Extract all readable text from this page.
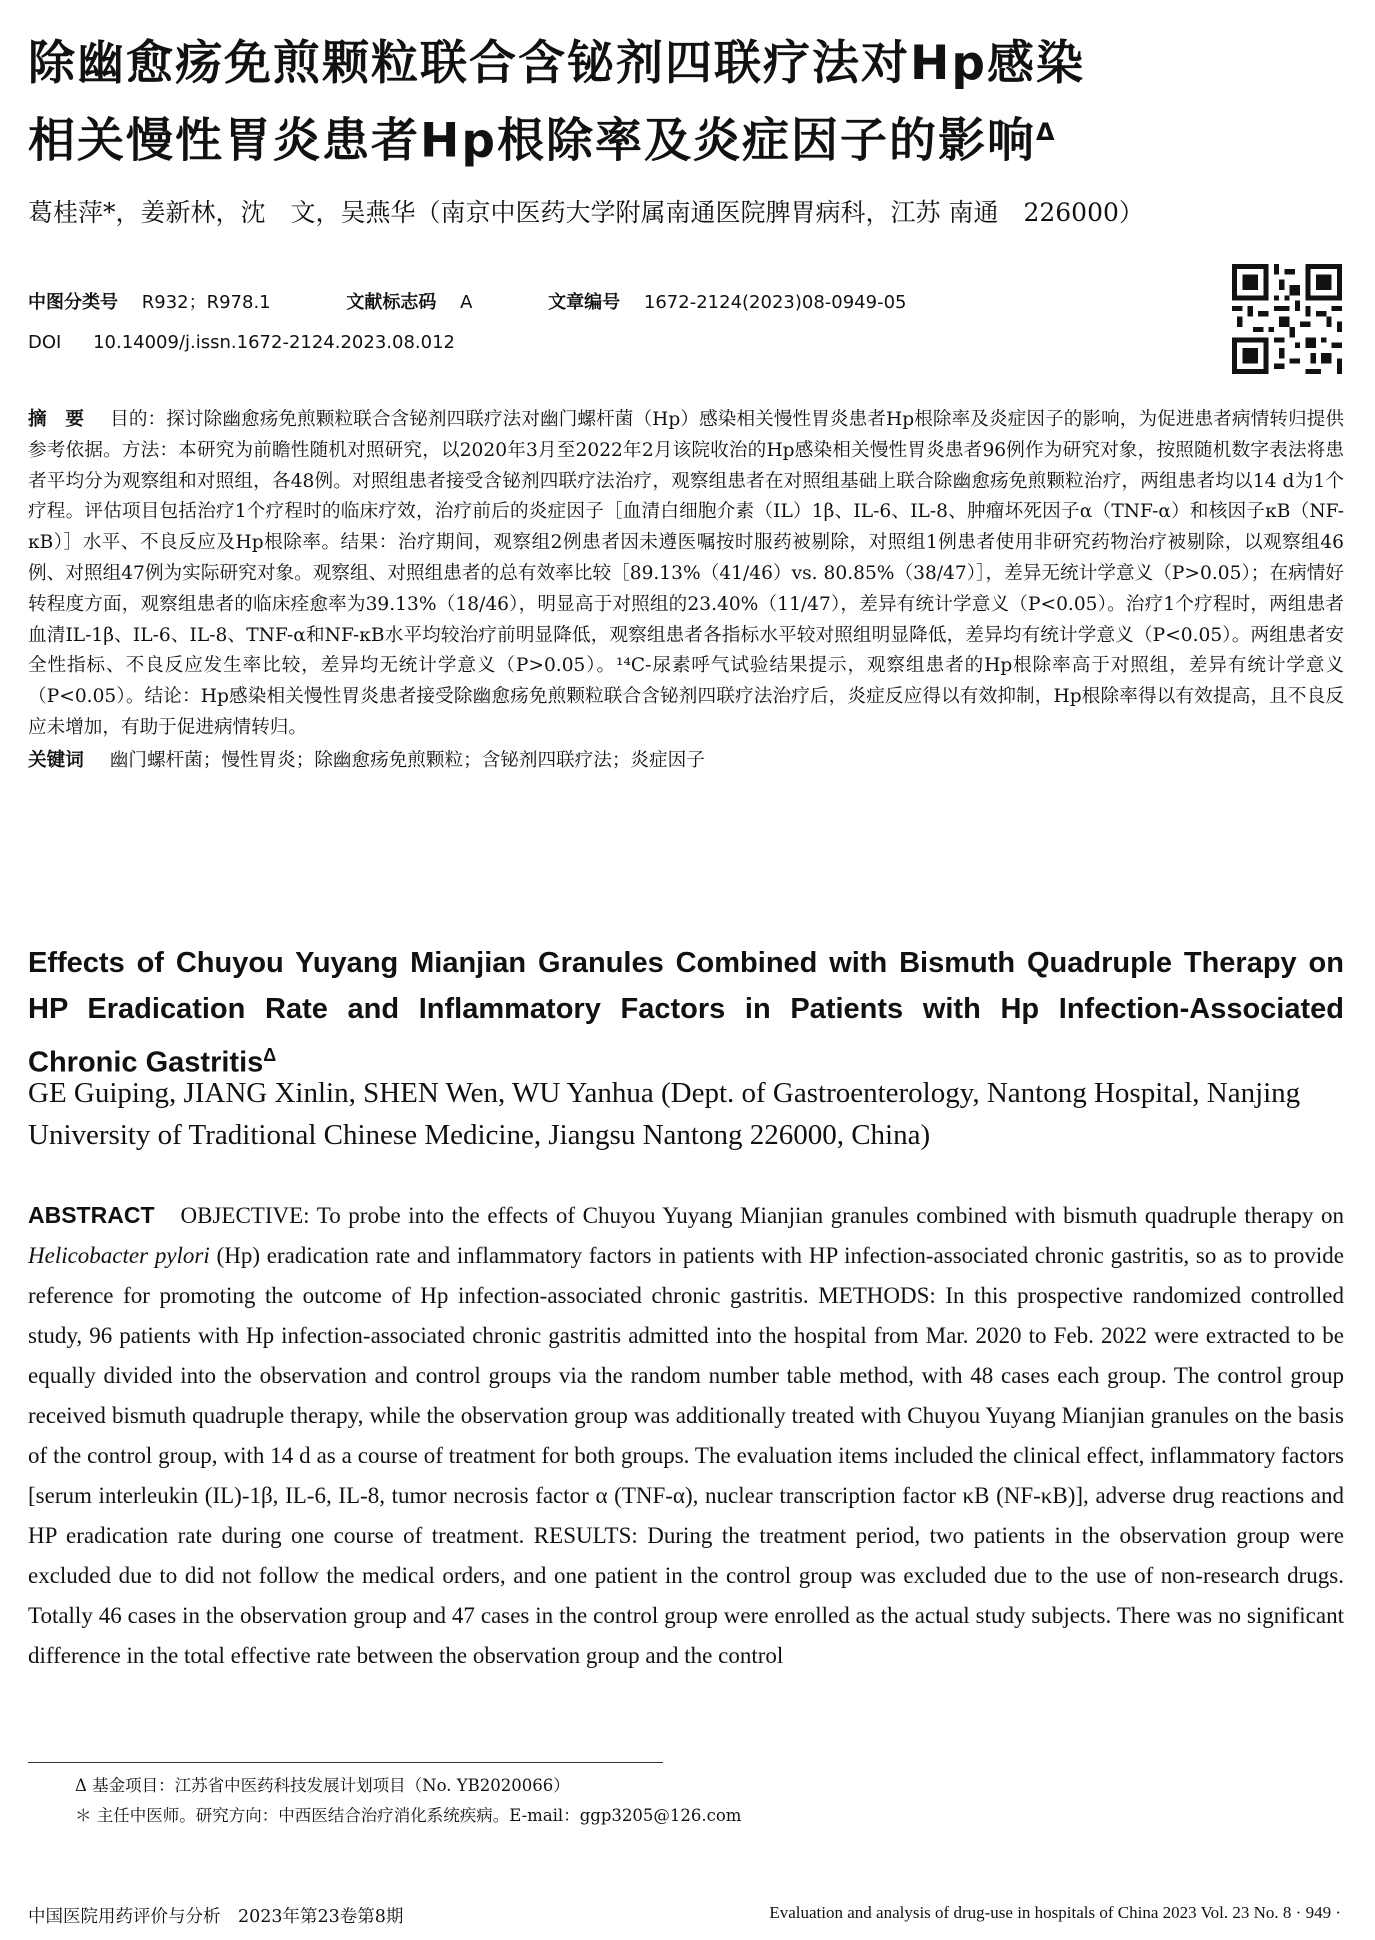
除幽愈疡免煎颗粒联合含铋剂四联疗法对Hp感染
相关慢性胃炎患者Hp根除率及炎症因子的影响$^\Delta$
葛桂萍*，姜新林，沈　文，吴燕华（南京中医药大学附属南通医院脾胃病科，江苏 南通　226000）
中图分类号 R932；R978.1	文献标志码 A	文章编号 1672-2124(2023)08-0949-05
DOI 10.14009/j.issn.1672-2124.2023.08.012
摘　要 目的：探讨除幽愈疡免煎颗粒联合含铋剂四联疗法对幽门螺杆菌（Hp）感染相关慢性胃炎患者Hp根除率及炎症因子的影响，为促进患者病情转归提供参考依据。方法：本研究为前瞻性随机对照研究，以2020年3月至2022年2月该院收治的Hp感染相关慢性胃炎患者96例作为研究对象，按照随机数字表法将患者平均分为观察组和对照组，各48例。对照组患者接受含铋剂四联疗法治疗，观察组患者在对照组基础上联合除幽愈疡免煎颗粒治疗，两组患者均以14 d为1个疗程。评估项目包括治疗1个疗程时的临床疗效，治疗前后的炎症因子［血清白细胞介素（IL）1β、IL-6、IL-8、肿瘤坏死因子α（TNF-α）和核因子κB（NF-κB）］水平、不良反应及Hp根除率。结果：治疗期间，观察组2例患者因未遵医嘱按时服药被剔除，对照组1例患者使用非研究药物治疗被剔除，以观察组46例、对照组47例为实际研究对象。观察组、对照组患者的总有效率比较［89.13%（41/46）vs. 80.85%（38/47）］，差异无统计学意义（P>0.05）；在病情好转程度方面，观察组患者的临床痊愈率为39.13%（18/46），明显高于对照组的23.40%（11/47），差异有统计学意义（P<0.05）。治疗1个疗程时，两组患者血清IL-1β、IL-6、IL-8、TNF-α和NF-κB水平均较治疗前明显降低，观察组患者各指标水平较对照组明显降低，差异均有统计学意义（P<0.05）。两组患者安全性指标、不良反应发生率比较，差异均无统计学意义（P>0.05）。¹⁴C-尿素呼气试验结果提示，观察组患者的Hp根除率高于对照组，差异有统计学意义（P<0.05）。结论：Hp感染相关慢性胃炎患者接受除幽愈疡免煎颗粒联合含铋剂四联疗法治疗后，炎症反应得以有效抑制，Hp根除率得以有效提高，且不良反应未增加，有助于促进病情转归。
关键词 幽门螺杆菌；慢性胃炎；除幽愈疡免煎颗粒；含铋剂四联疗法；炎症因子
Effects of Chuyou Yuyang Mianjian Granules Combined with Bismuth Quadruple Therapy on HP Eradication Rate and Inflammatory Factors in Patients with Hp Infection-Associated Chronic Gastritis$^\Delta$
GE Guiping, JIANG Xinlin, SHEN Wen, WU Yanhua (Dept. of Gastroenterology, Nantong Hospital, Nanjing University of Traditional Chinese Medicine, Jiangsu Nantong 226000, China)
ABSTRACT OBJECTIVE: To probe into the effects of Chuyou Yuyang Mianjian granules combined with bismuth quadruple therapy on Helicobacter pylori (Hp) eradication rate and inflammatory factors in patients with HP infection-associated chronic gastritis, so as to provide reference for promoting the outcome of Hp infection-associated chronic gastritis. METHODS: In this prospective randomized controlled study, 96 patients with Hp infection-associated chronic gastritis admitted into the hospital from Mar. 2020 to Feb. 2022 were extracted to be equally divided into the observation and control groups via the random number table method, with 48 cases each group. The control group received bismuth quadruple therapy, while the observation group was additionally treated with Chuyou Yuyang Mianjian granules on the basis of the control group, with 14 d as a course of treatment for both groups. The evaluation items included the clinical effect, inflammatory factors [serum interleukin (IL)-1β, IL-6, IL-8, tumor necrosis factor α (TNF-α), nuclear transcription factor κB (NF-κB)], adverse drug reactions and HP eradication rate during one course of treatment. RESULTS: During the treatment period, two patients in the observation group were excluded due to did not follow the medical orders, and one patient in the control group was excluded due to the use of non-research drugs. Totally 46 cases in the observation group and 47 cases in the control group were enrolled as the actual study subjects. There was no significant difference in the total effective rate between the observation group and the control
Δ 基金项目：江苏省中医药科技发展计划项目（No. YB2020066）
＊ 主任中医师。研究方向：中西医结合治疗消化系统疾病。E-mail：ggp3205@126.com
中国医院用药评价与分析　2023年第23卷第8期	Evaluation and analysis of drug-use in hospitals of China 2023 Vol. 23 No. 8 · 949 ·
